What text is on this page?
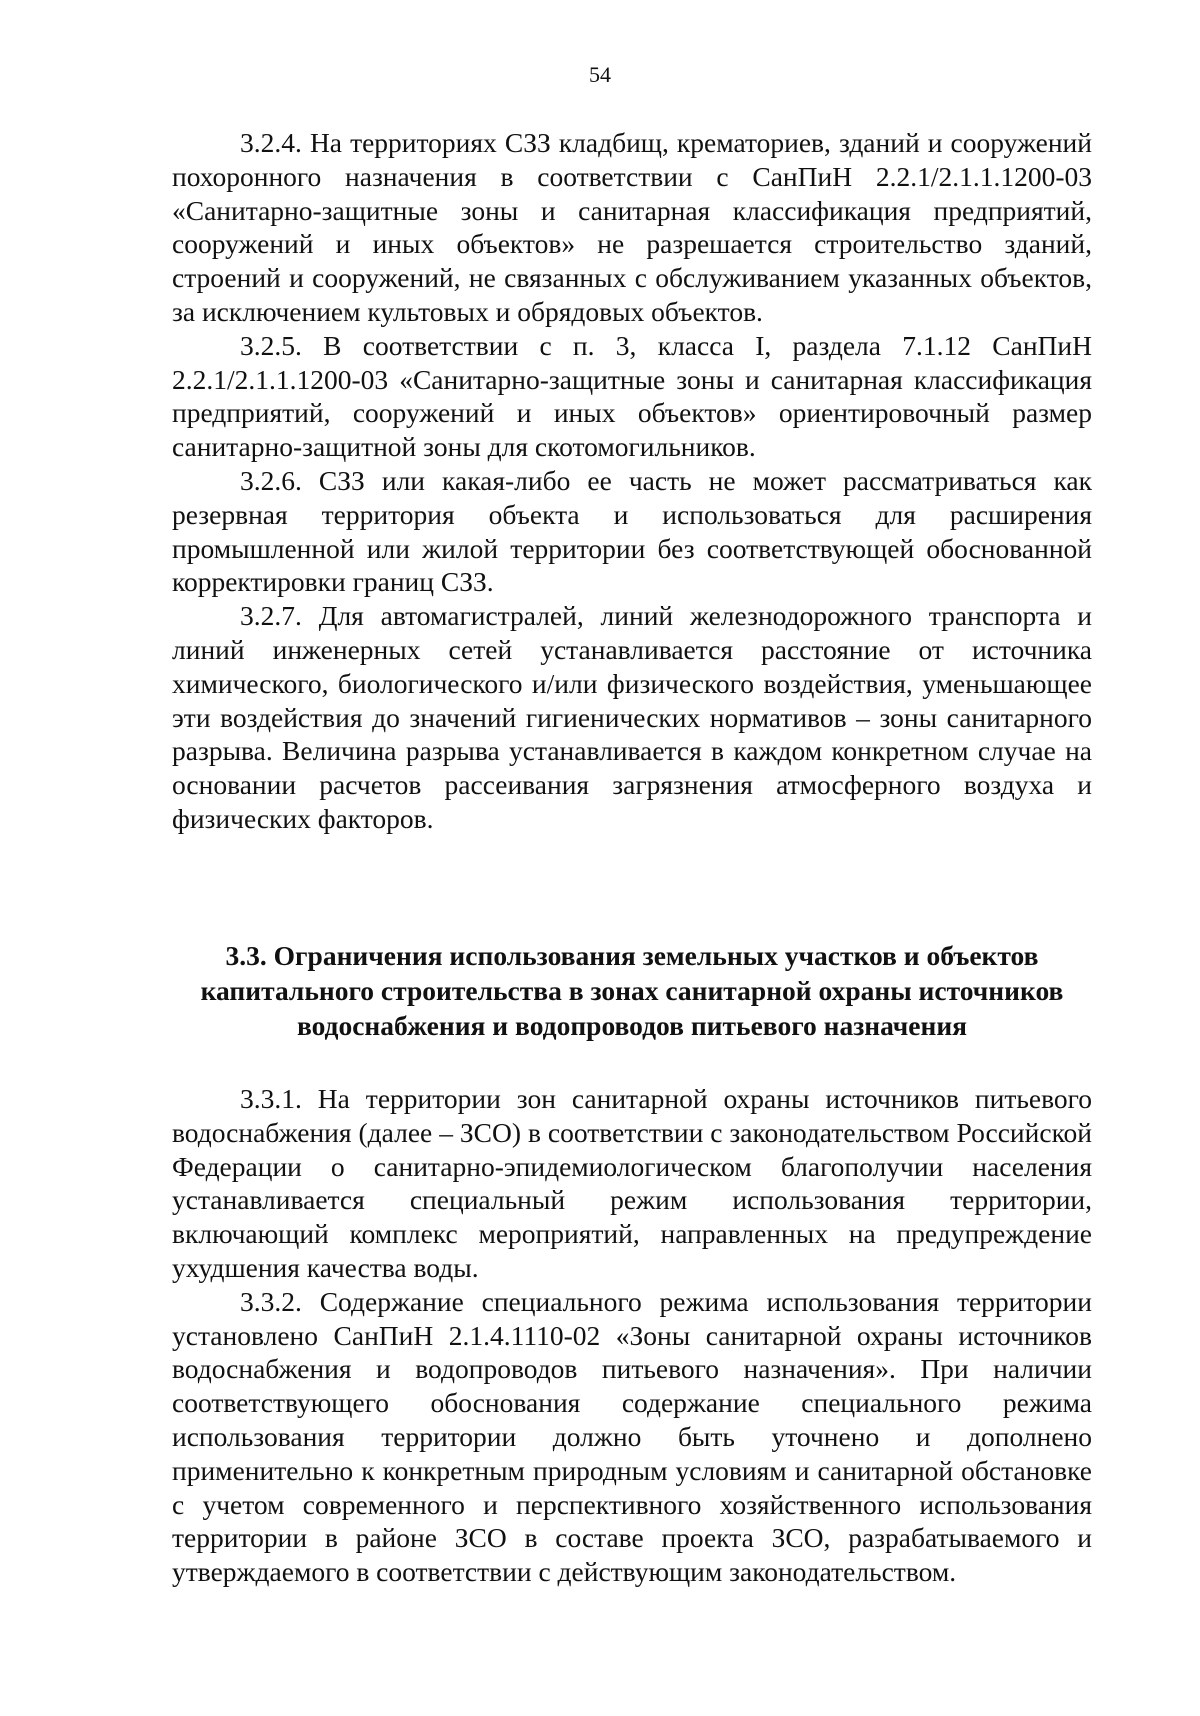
54

3.2.4. На территориях СЗЗ кладбищ, крематориев, зданий и сооружений похоронного назначения в соответствии с СанПиН 2.2.1/2.1.1.1200-03 «Санитарно-защитные зоны и санитарная классификация предприятий, сооружений и иных объектов» не разрешается строительство зданий, строений и сооружений, не связанных с обслуживанием указанных объектов, за исключением культовых и обрядовых объектов.

3.2.5. В соответствии с п. 3, класса I, раздела 7.1.12 СанПиН 2.2.1/2.1.1.1200-03 «Санитарно-защитные зоны и санитарная классификация предприятий, сооружений и иных объектов» ориентировочный размер санитарно-защитной зоны для скотомогильников.

3.2.6. СЗЗ или какая-либо ее часть не может рассматриваться как резервная территория объекта и использоваться для расширения промышленной или жилой территории без соответствующей обоснованной корректировки границ СЗЗ.

3.2.7. Для автомагистралей, линий железнодорожного транспорта и линий инженерных сетей устанавливается расстояние от источника химического, биологического и/или физического воздействия, уменьшающее эти воздействия до значений гигиенических нормативов – зоны санитарного разрыва. Величина разрыва устанавливается в каждом конкретном случае на основании расчетов рассеивания загрязнения атмосферного воздуха и физических факторов.

3.3. Ограничения использования земельных участков и объектов
капитального строительства в зонах санитарной охраны источников
водоснабжения и водопроводов питьевого назначения

3.3.1. На территории зон санитарной охраны источников питьевого водоснабжения (далее – ЗСО) в соответствии с законодательством Российской Федерации о санитарно-эпидемиологическом благополучии населения устанавливается специальный режим использования территории, включающий комплекс мероприятий, направленных на предупреждение ухудшения качества воды.

3.3.2. Содержание специального режима использования территории установлено СанПиН 2.1.4.1110-02 «Зоны санитарной охраны источников водоснабжения и водопроводов питьевого назначения». При наличии соответствующего обоснования содержание специального режима использования территории должно быть уточнено и дополнено применительно к конкретным природным условиям и санитарной обстановке с учетом современного и перспективного хозяйственного использования территории в районе ЗСО в составе проекта ЗСО, разрабатываемого и утверждаемого в соответствии с действующим законодательством.
